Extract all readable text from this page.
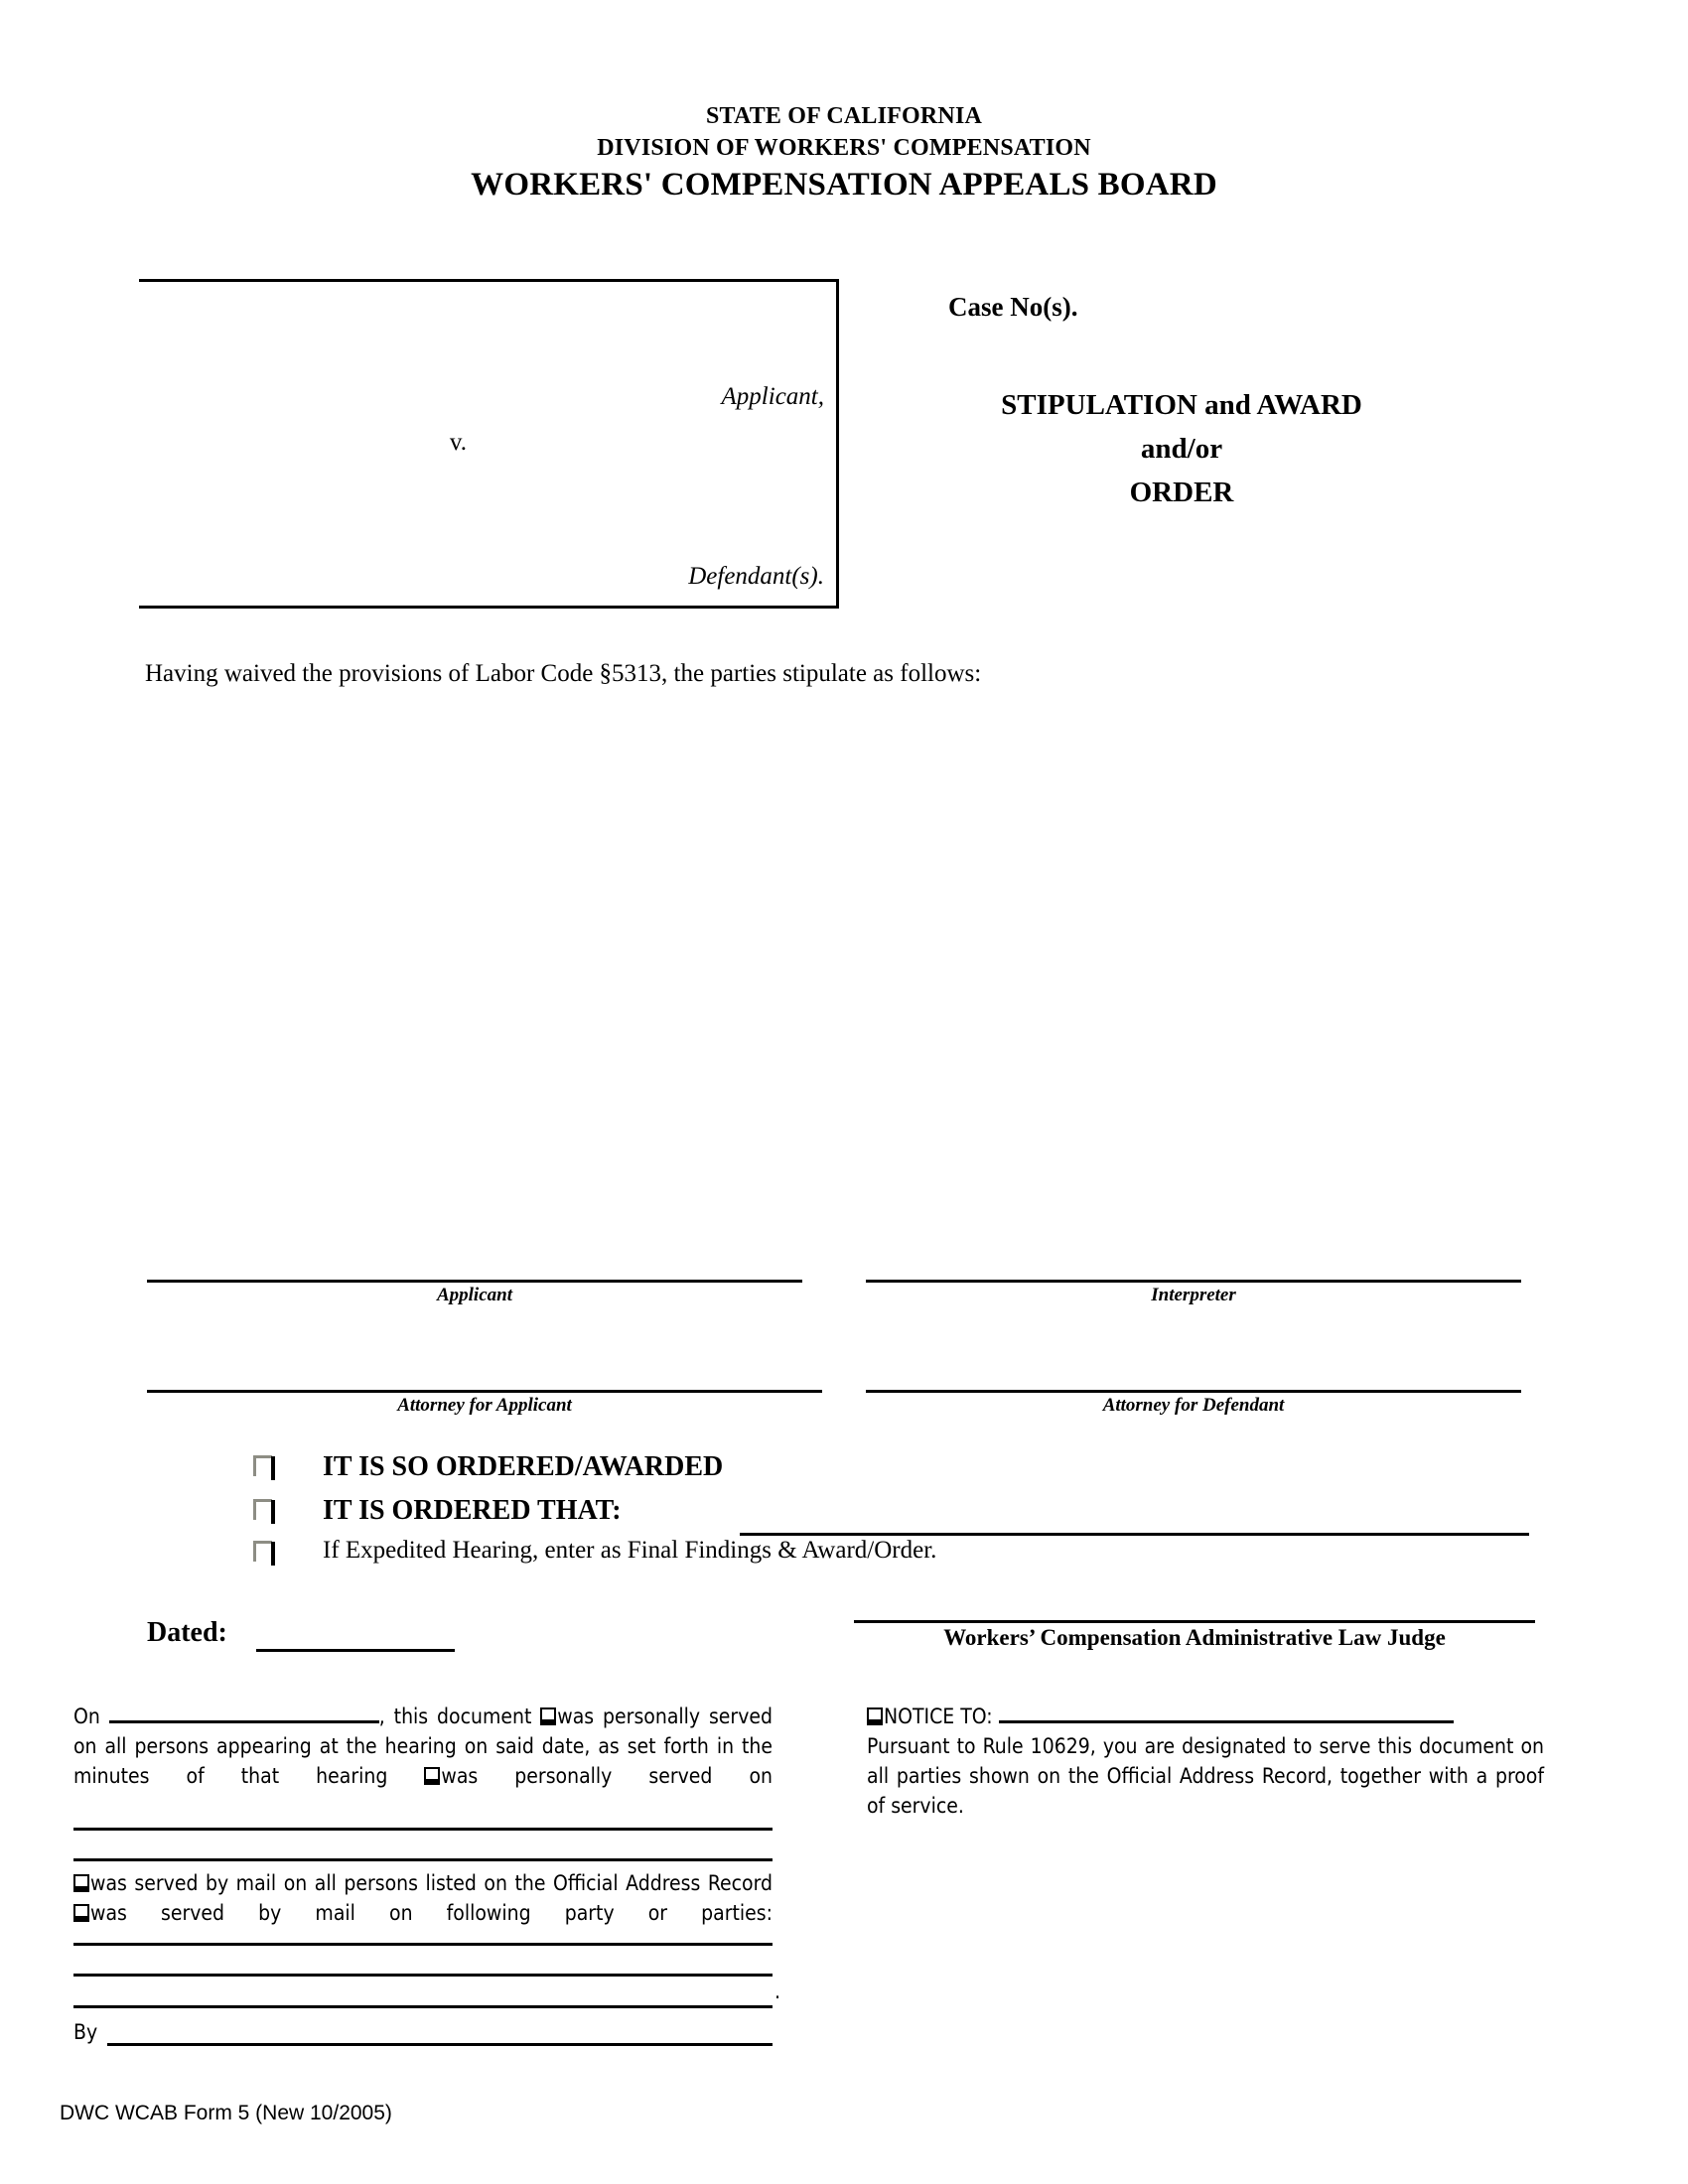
STATE OF CALIFORNIA
DIVISION OF WORKERS' COMPENSATION
WORKERS' COMPENSATION APPEALS BOARD
Applicant,
v.
Defendant(s).
Case No(s).
STIPULATION and AWARD
and/or
ORDER
Having waived the provisions of Labor Code §5313, the parties stipulate as follows:
Applicant	Interpreter
Attorney for Applicant	Attorney for Defendant
IT IS SO ORDERED/AWARDED
IT IS ORDERED THAT:
If Expedited Hearing, enter as Final Findings & Award/Order.
Dated:	Workers’ Compensation Administrative Law Judge

On	, this document was personally served on all persons appearing at the hearing on said date, as set forth in the minutes of that hearing	was personally served on

was served by mail on all persons listed on the Official Address Record was served by mail on following party or parties:

.
By

NOTICE TO:

Pursuant to Rule 10629, you are designated to serve this document on all parties shown on the Official Address Record, together with a proof of service.

DWC WCAB Form 5 (New 10/2005)
